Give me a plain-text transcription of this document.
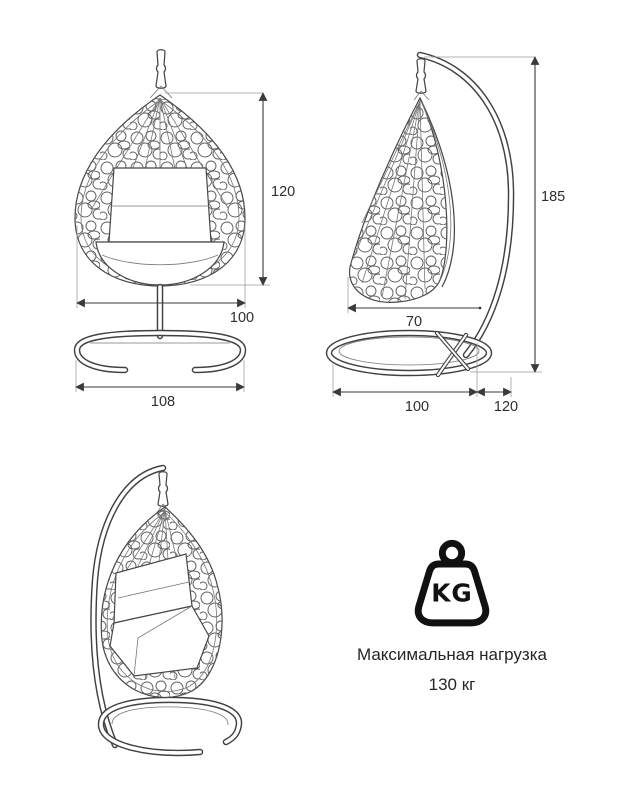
120
100
108
185
70
100	120
KG
Максимальная нагрузка
130 кг
